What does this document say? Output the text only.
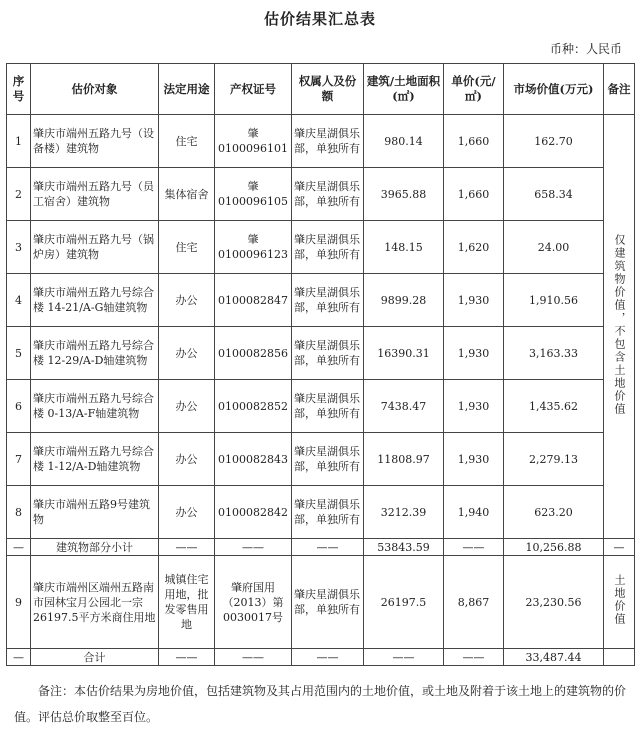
估价结果汇总表
币种：人民币
序号	估价对象	法定用途	产权证号	权属人及份额	建筑/土地面积(㎡)	单价(元/㎡)	市场价值(万元)	备注
1	肇庆市端州五路九号（设备楼）建筑物	住宅	肇 0100096101	肇庆星湖俱乐部，单独所有	980.14	1,660	162.70	仅建筑物价值，不包含土地价值
2	肇庆市端州五路九号（员工宿舍）建筑物	集体宿舍	肇 0100096105	肇庆星湖俱乐部，单独所有	3965.88	1,660	658.34	
3	肇庆市端州五路九号（锅炉房）建筑物	住宅	肇 0100096123	肇庆星湖俱乐部，单独所有	148.15	1,620	24.00	
4	肇庆市端州五路九号综合楼 14-21/A-G轴建筑物	办公	0100082847	肇庆星湖俱乐部，单独所有	9899.28	1,930	1,910.56	
5	肇庆市端州五路九号综合楼 12-29/A-D轴建筑物	办公	0100082856	肇庆星湖俱乐部，单独所有	16390.31	1,930	3,163.33	
6	肇庆市端州五路九号综合楼 0-13/A-F轴建筑物	办公	0100082852	肇庆星湖俱乐部，单独所有	7438.47	1,930	1,435.62	
7	肇庆市端州五路九号综合楼 1-12/A-D轴建筑物	办公	0100082843	肇庆星湖俱乐部，单独所有	11808.97	1,930	2,279.13	
8	肇庆市端州五路9号建筑物	办公	0100082842	肇庆星湖俱乐部，单独所有	3212.39	1,940	623.20	
—	建筑物部分小计	——	——	——	53843.59	——	10,256.88	—
9	肇庆市端州区端州五路南市园林宝月公园北一宗 26197.5平方米商住用地	城镇住宅用地，批发零售用地	肇府国用（2013）第0030017号	肇庆星湖俱乐部，单独所有	26197.5	8,867	23,230.56	土地价值
—	合计	——	——	——	——	——	33,487.44	
备注：本估价结果为房地价值，包括建筑物及其占用范围内的土地价值，或土地及附着于该土地上的建筑物的价值。评估总价取整至百位。
